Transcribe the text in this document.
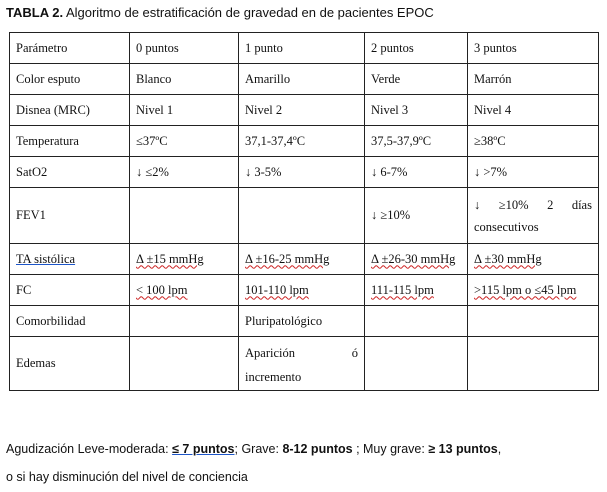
TABLA 2. Algoritmo de estratificación de gravedad en de pacientes EPOC
Parámetro	0 puntos	1 punto	2 puntos	3 puntos
Color esputo	Blanco	Amarillo	Verde	Marrón
Disnea (MRC)	Nivel 1	Nivel 2	Nivel 3	Nivel 4
Temperatura	≤37ºC	37,1-37,4ºC	37,5-37,9ºC	≥38ºC
SatO2	↓ ≤2%	↓ 3-5%	↓ 6-7%	↓ >7%
FEV1			↓ ≥10%	↓ ≥10% 2 días
consecutivos

TA sistólica	Δ ±15 mmHg	Δ ±16-25 mmHg	Δ ±26-30 mmHg	Δ ±30 mmHg
FC	< 100 lpm	101-110 lpm	111-115 lpm	>115 lpm o ≤45 lpm
Comorbilidad		Pluripatológico		
Edemas		Aparición ó
incremento		

Agudización Leve-moderada: ≤ 7 puntos; Grave: 8-12 puntos ; Muy grave: ≥ 13 puntos,
o si hay disminución del nivel de conciencia
